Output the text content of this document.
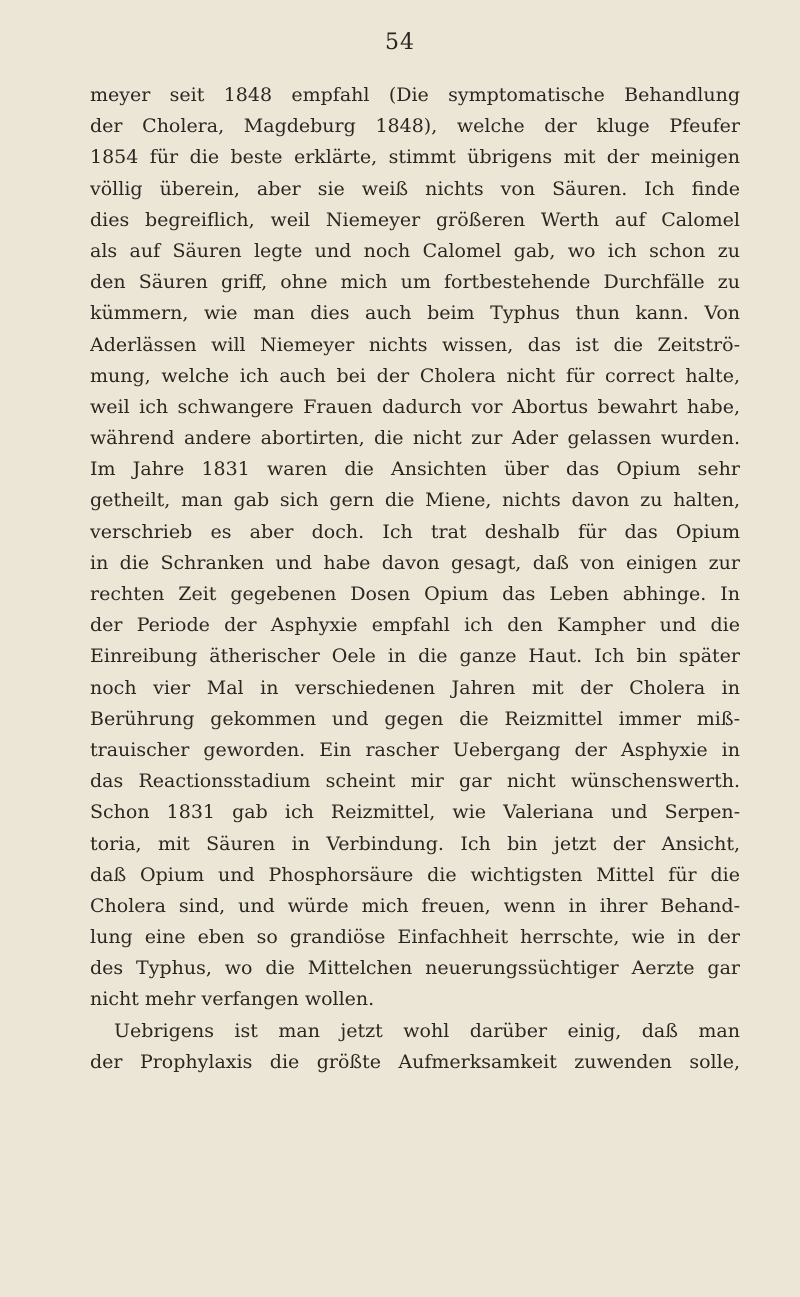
54
meyer seit 1848 empfahl (Die symptomatische Behandlung
der Cholera, Magdeburg 1848), welche der kluge Pfeufer
1854 für die beste erklärte, stimmt übrigens mit der meinigen
völlig überein, aber sie weiß nichts von Säuren. Ich finde
dies begreiflich, weil Niemeyer größeren Werth auf Calomel
als auf Säuren legte und noch Calomel gab, wo ich schon zu
den Säuren griff, ohne mich um fortbestehende Durchfälle zu
kümmern, wie man dies auch beim Typhus thun kann. Von
Aderlässen will Niemeyer nichts wissen, das ist die Zeitströ-
mung, welche ich auch bei der Cholera nicht für correct halte,
weil ich schwangere Frauen dadurch vor Abortus bewahrt habe,
während andere abortirten, die nicht zur Ader gelassen wurden.
Im Jahre 1831 waren die Ansichten über das Opium sehr
getheilt, man gab sich gern die Miene, nichts davon zu halten,
verschrieb es aber doch. Ich trat deshalb für das Opium
in die Schranken und habe davon gesagt, daß von einigen zur
rechten Zeit gegebenen Dosen Opium das Leben abhinge. In
der Periode der Asphyxie empfahl ich den Kampher und die
Einreibung ätherischer Oele in die ganze Haut. Ich bin später
noch vier Mal in verschiedenen Jahren mit der Cholera in
Berührung gekommen und gegen die Reizmittel immer miß-
trauischer geworden. Ein rascher Uebergang der Asphyxie in
das Reactionsstadium scheint mir gar nicht wünschenswerth.
Schon 1831 gab ich Reizmittel, wie Valeriana und Serpen-
toria, mit Säuren in Verbindung. Ich bin jetzt der Ansicht,
daß Opium und Phosphorsäure die wichtigsten Mittel für die
Cholera sind, und würde mich freuen, wenn in ihrer Behand-
lung eine eben so grandiöse Einfachheit herrschte, wie in der
des Typhus, wo die Mittelchen neuerungssüchtiger Aerzte gar
nicht mehr verfangen wollen.
Uebrigens ist man jetzt wohl darüber einig, daß man
der Prophylaxis die größte Aufmerksamkeit zuwenden solle,
